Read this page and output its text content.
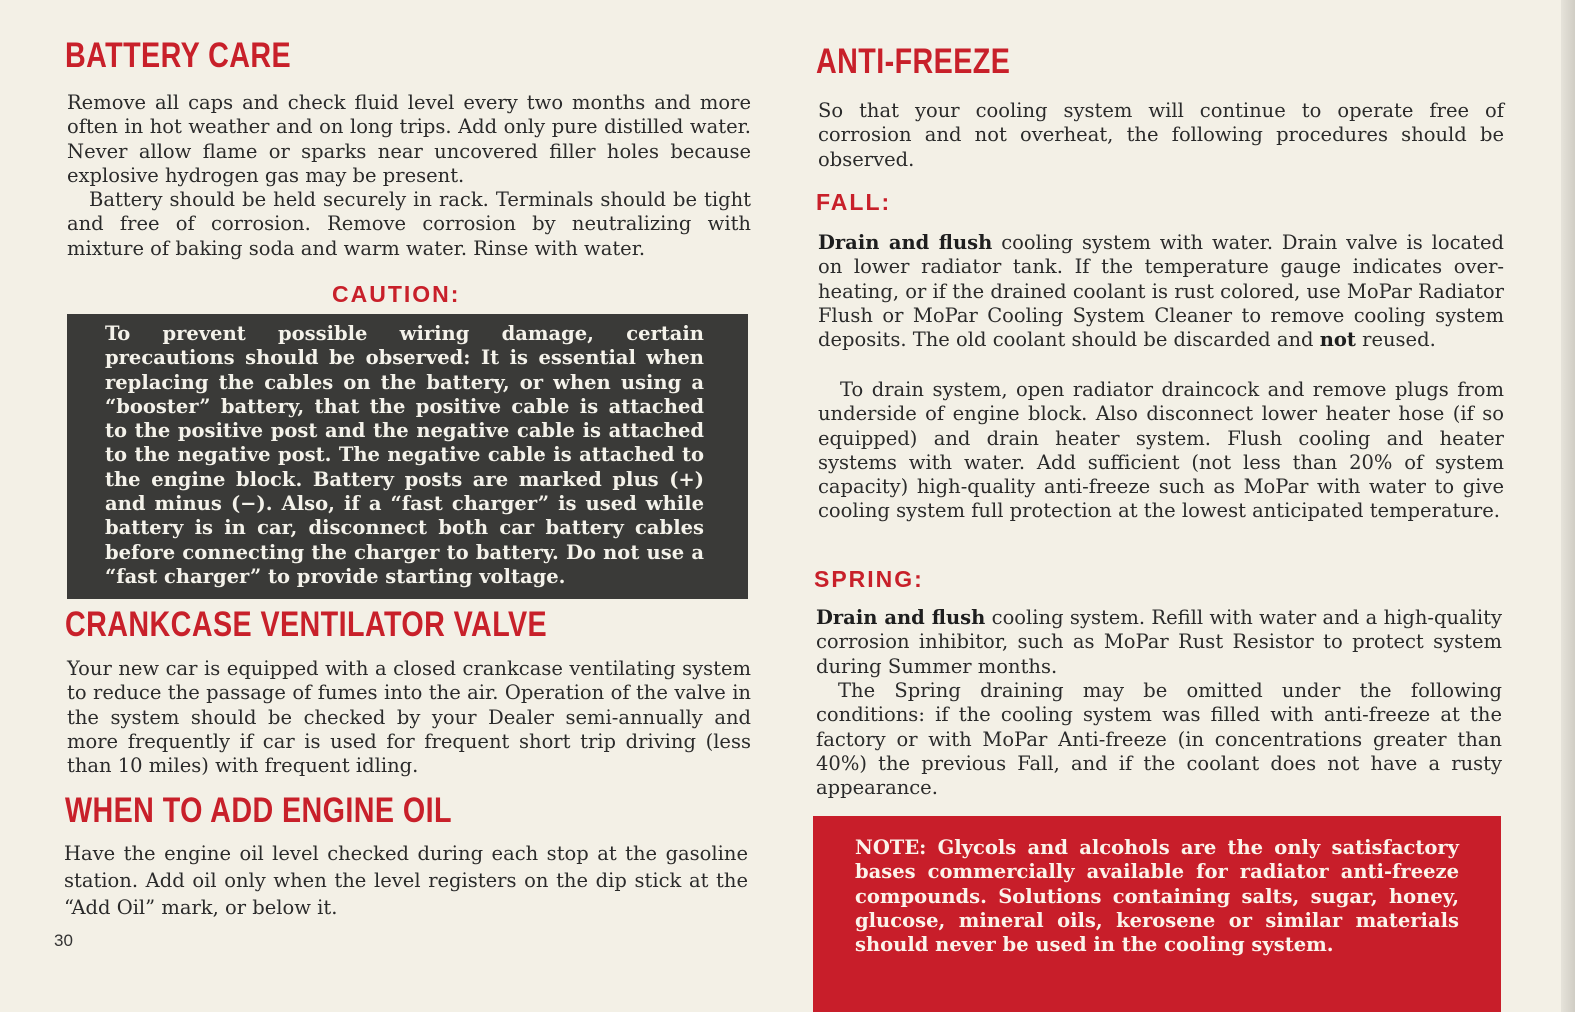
BATTERY CARE

Remove all caps and check fluid level every two months and more often in hot weather and on long trips. Add only pure distilled water. Never allow flame or sparks near uncovered filler holes because explosive hydrogen gas may be present.

Battery should be held securely in rack. Terminals should be tight and free of corrosion. Remove corrosion by neutralizing with mixture of baking soda and warm water. Rinse with water.

CAUTION:

To prevent possible wiring damage, certain precautions should be observed: It is essential when replacing the cables on the battery, or when using a “booster” battery, that the positive cable is attached to the positive post and the negative cable is attached to the negative post. The negative cable is attached to the engine block. Battery posts are marked plus (+) and minus (−). Also, if a “fast charger” is used while battery is in car, disconnect both car battery cables before connecting the charger to battery. Do not use a “fast charger” to provide starting voltage.

CRANKCASE VENTILATOR VALVE

Your new car is equipped with a closed crankcase ventilating system to reduce the passage of fumes into the air. Operation of the valve in the system should be checked by your Dealer semi-annually and more frequently if car is used for frequent short trip driving (less than 10 miles) with frequent idling.

WHEN TO ADD ENGINE OIL

Have the engine oil level checked during each stop at the gasoline station. Add oil only when the level registers on the dip stick at the “Add Oil” mark, or below it.

30
ANTI-FREEZE

So that your cooling system will continue to operate free of corrosion and not overheat, the following procedures should be observed.

FALL:

Drain and flush cooling system with water. Drain valve is located on lower radiator tank. If the temperature gauge indicates over-heating, or if the drained coolant is rust colored, use MoPar Radiator Flush or MoPar Cooling System Cleaner to remove cooling system deposits. The old coolant should be discarded and not reused.

To drain system, open radiator draincock and remove plugs from underside of engine block. Also disconnect lower heater hose (if so equipped) and drain heater system. Flush cooling and heater systems with water. Add sufficient (not less than 20% of system capacity) high-quality anti-freeze such as MoPar with water to give cooling system full protection at the lowest anticipated temperature.

SPRING:

Drain and flush cooling system. Refill with water and a high-quality corrosion inhibitor, such as MoPar Rust Resistor to protect system during Summer months.

The Spring draining may be omitted under the following conditions: if the cooling system was filled with anti-freeze at the factory or with MoPar Anti-freeze (in concentrations greater than 40%) the previous Fall, and if the coolant does not have a rusty appearance.

NOTE: Glycols and alcohols are the only satisfactory bases commercially available for radiator anti-freeze compounds. Solutions containing salts, sugar, honey, glucose, mineral oils, kerosene or similar materials should never be used in the cooling system.
